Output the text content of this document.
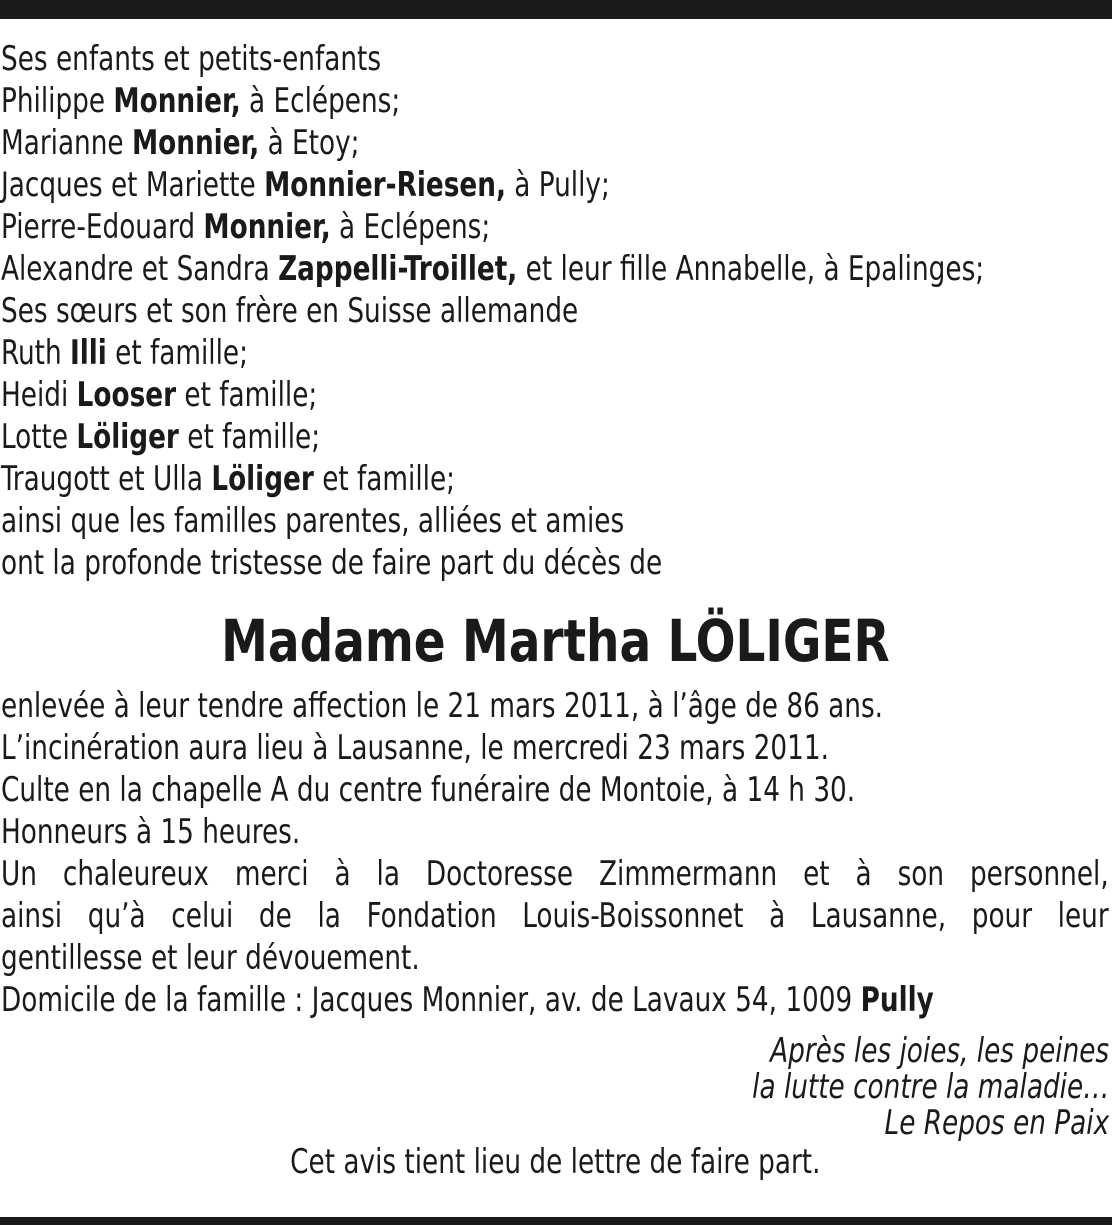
Ses enfants et petits-enfants
Philippe Monnier, à Eclépens;
Marianne Monnier, à Etoy;
Jacques et Mariette Monnier-Riesen, à Pully;
Pierre-Edouard Monnier, à Eclépens;
Alexandre et Sandra Zappelli-Troillet, et leur fille Annabelle, à Epalinges;
Ses sœurs et son frère en Suisse allemande
Ruth Illi et famille;
Heidi Looser et famille;
Lotte Löliger et famille;
Traugott et Ulla Löliger et famille;
ainsi que les familles parentes, alliées et amies
ont la profonde tristesse de faire part du décès de
Madame Martha LÖLIGER
enlevée à leur tendre affection le 21 mars 2011, à l’âge de 86 ans.
L’incinération aura lieu à Lausanne, le mercredi 23 mars 2011.
Culte en la chapelle A du centre funéraire de Montoie, à 14 h 30.
Honneurs à 15 heures.
Un chaleureux merci à la Doctoresse Zimmermann et à son personnel,
ainsi qu’à celui de la Fondation Louis-Boissonnet à Lausanne, pour leur
gentillesse et leur dévouement.
Domicile de la famille : Jacques Monnier, av. de Lavaux 54, 1009 Pully
Après les joies, les peines
la lutte contre la maladie…
Le Repos en Paix
Cet avis tient lieu de lettre de faire part.
